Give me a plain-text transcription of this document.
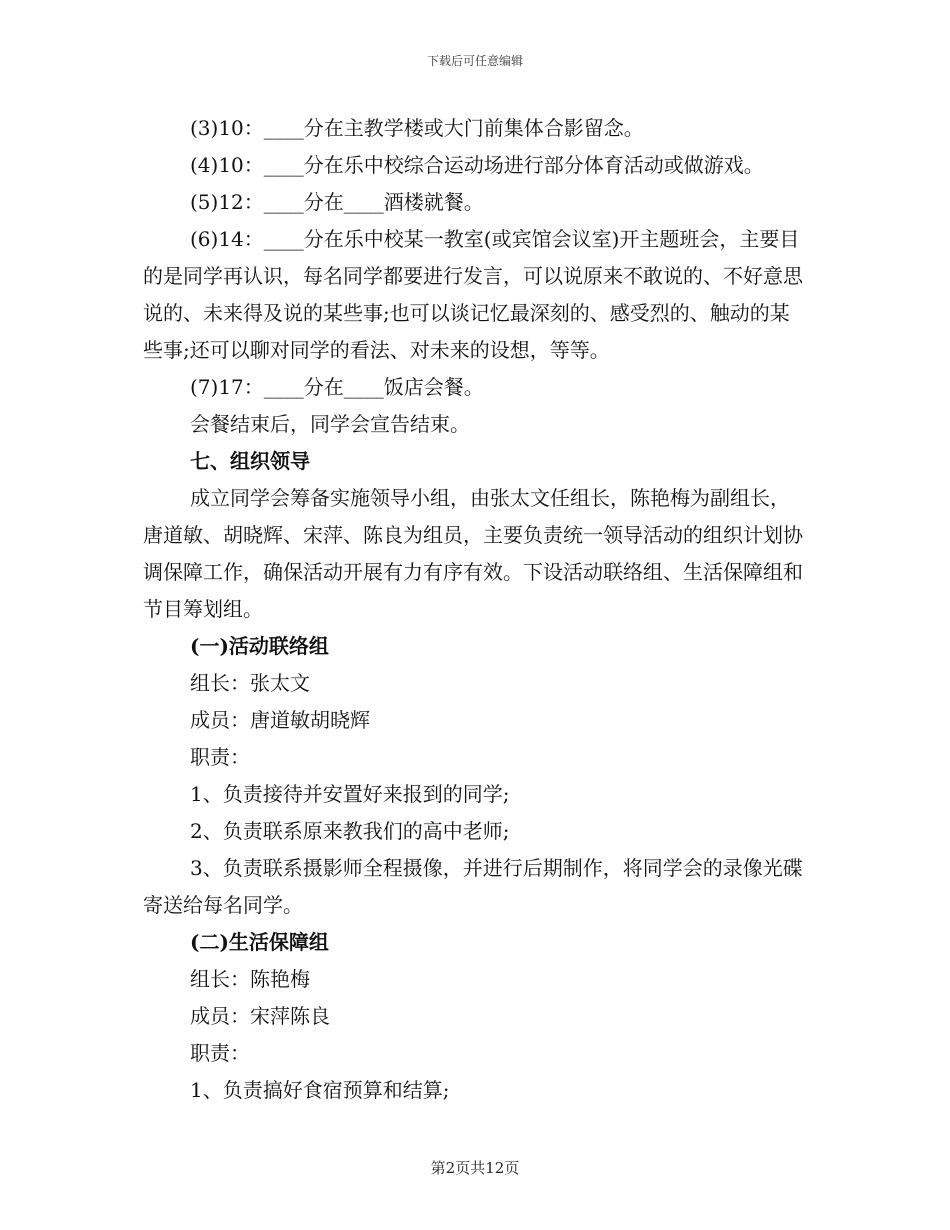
下载后可任意编辑

(3)10：____分在主教学楼或大门前集体合影留念。

(4)10：____分在乐中校综合运动场进行部分体育活动或做游戏。

(5)12：____分在____酒楼就餐。

(6)14：____分在乐中校某一教室(或宾馆会议室)开主题班会，主要目的是同学再认识，每名同学都要进行发言，可以说原来不敢说的、不好意思说的、未来得及说的某些事;也可以谈记忆最深刻的、感受烈的、触动的某些事;还可以聊对同学的看法、对未来的设想，等等。

(7)17：____分在____饭店会餐。

会餐结束后，同学会宣告结束。

七、组织领导

成立同学会筹备实施领导小组，由张太文任组长，陈艳梅为副组长，唐道敏、胡晓辉、宋萍、陈良为组员，主要负责统一领导活动的组织计划协调保障工作，确保活动开展有力有序有效。下设活动联络组、生活保障组和节目筹划组。

(一)活动联络组

组长：张太文

成员：唐道敏胡晓辉

职责：

1、负责接待并安置好来报到的同学;

2、负责联系原来教我们的高中老师;

3、负责联系摄影师全程摄像，并进行后期制作，将同学会的录像光碟寄送给每名同学。

(二)生活保障组

组长：陈艳梅

成员：宋萍陈良

职责：

1、负责搞好食宿预算和结算;

第2页共12页
